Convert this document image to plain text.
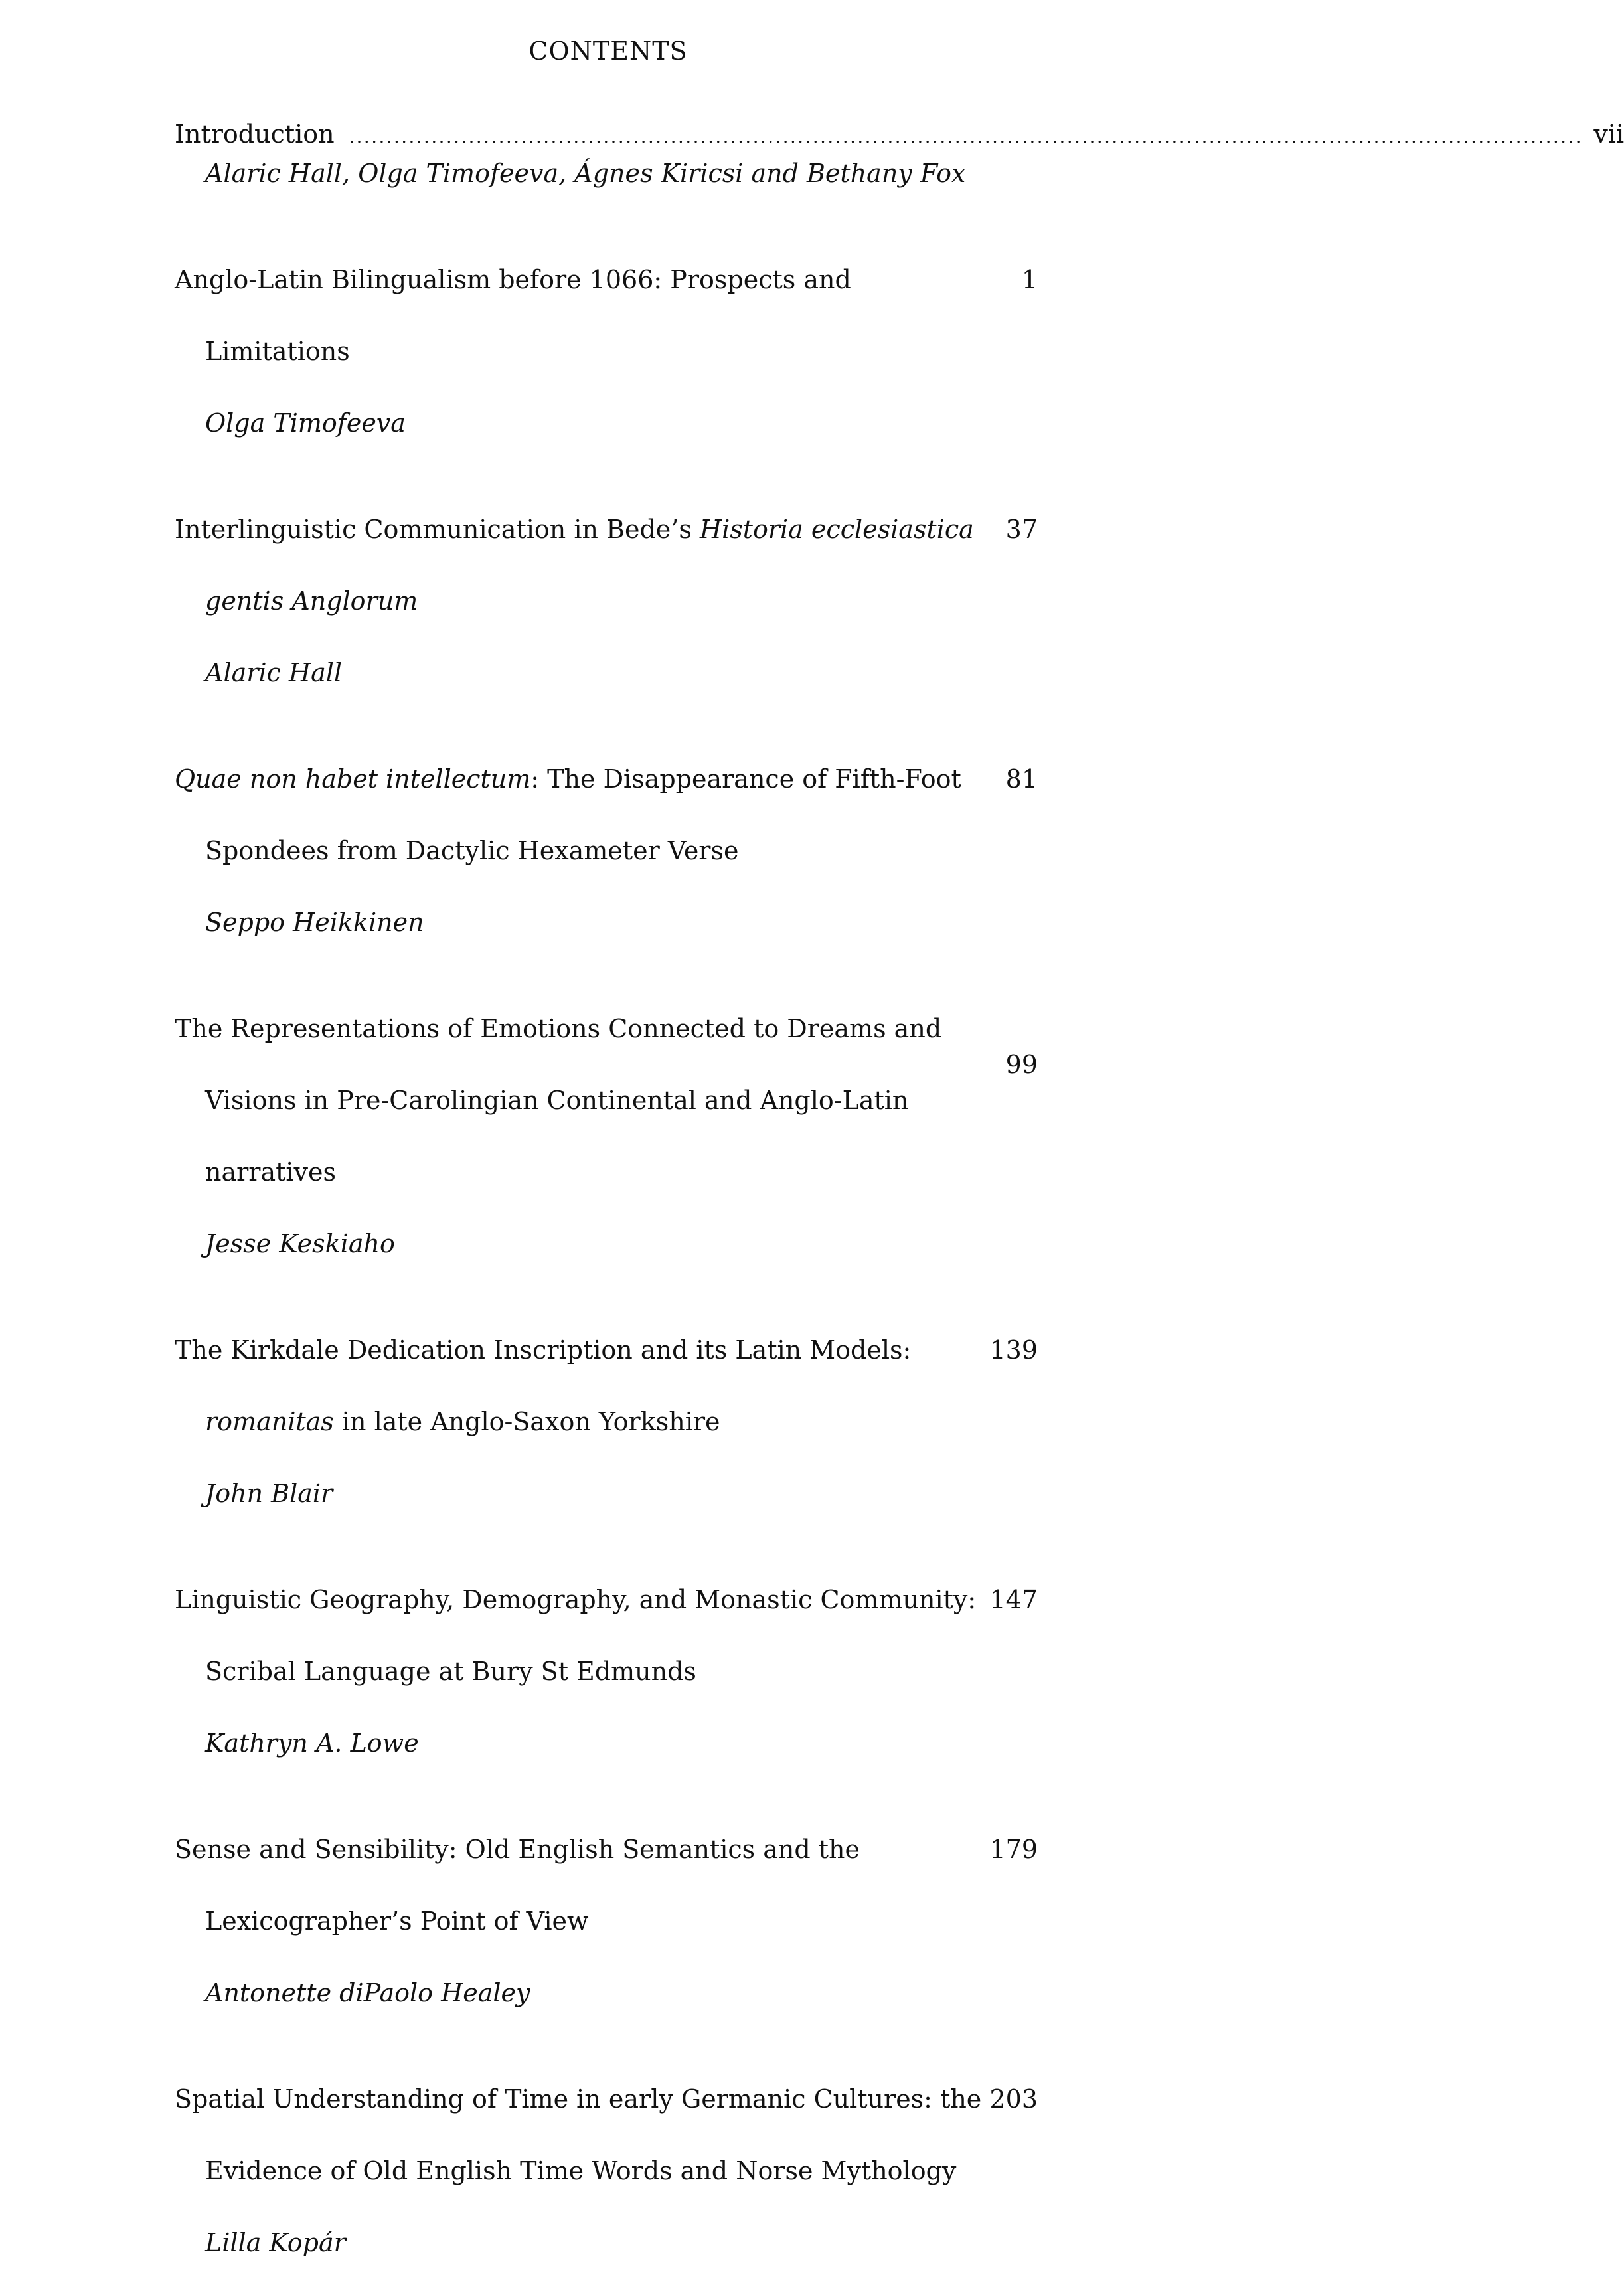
CONTENTS
Introduction ..................................................................................................................................................................... vii
Alaric Hall, Olga Timofeeva, Ágnes Kiricsi and Bethany Fox

Anglo-Latin Bilingualism before 1066: Prospects and

Limitations

1
Olga Timofeeva

Interlinguistic Communication in Bede’s Historia ecclesiastica

gentis Anglorum

37
Alaric Hall

Quae non habet intellectum: The Disappearance of Fifth-Foot

Spondees from Dactylic Hexameter Verse

81
Seppo Heikkinen

The Representations of Emotions Connected to Dreams and

Visions in Pre-Carolingian Continental and Anglo-Latin

narratives

99
Jesse Keskiaho

The Kirkdale Dedication Inscription and its Latin Models:

romanitas in late Anglo-Saxon Yorkshire

139
John Blair

Linguistic Geography, Demography, and Monastic Community:

Scribal Language at Bury St Edmunds

147
Kathryn A. Lowe

Sense and Sensibility: Old English Semantics and the

Lexicographer’s Point of View

179
Antonette diPaolo Healey

Spatial Understanding of Time in early Germanic Cultures: the

Evidence of Old English Time Words and Norse Mythology

203
Lilla Kopár
